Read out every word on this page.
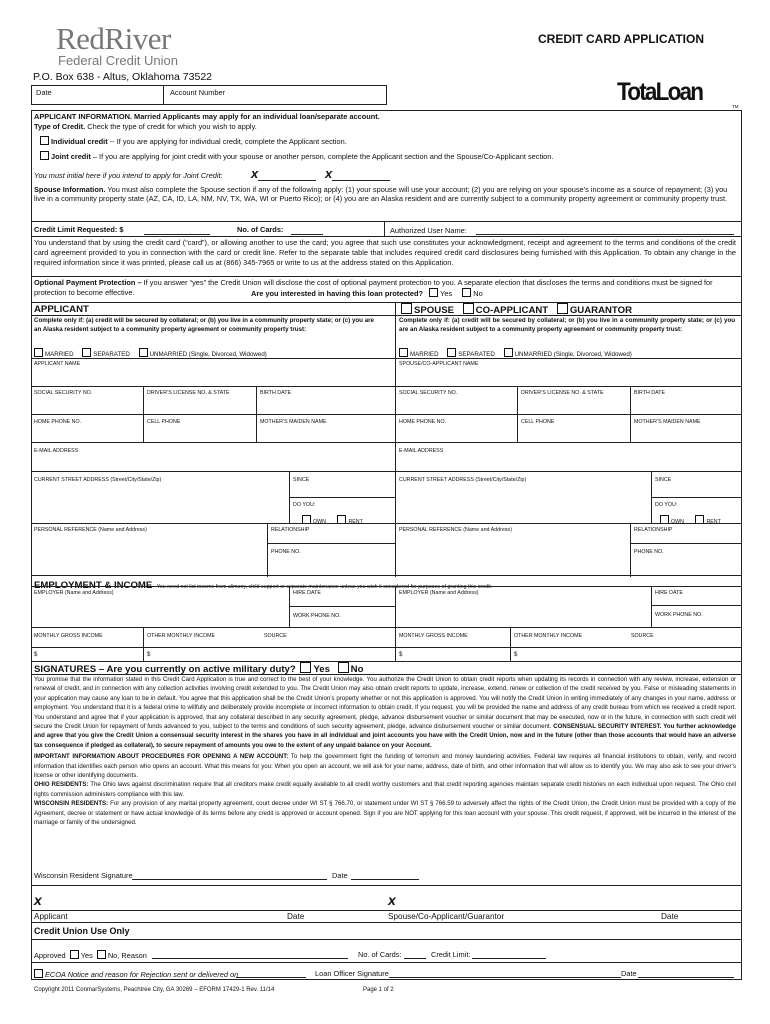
RedRiver
Federal Credit Union
P.O. Box 638 - Altus, Oklahoma 73522
CREDIT CARD APPLICATION
TotaLoan
TM
Date	Account Number
APPLICANT INFORMATION. Married Applicants may apply for an individual loan/separate account.
Type of Credit. Check the type of credit for which you wish to apply.
Individual credit -- If you are applying for individual credit, complete the Applicant section.
Joint credit – If you are applying for joint credit with your spouse or another person, complete the Applicant section and the Spouse/Co-Applicant section.
You must initial here if you intend to apply for Joint Credit: x	x
Spouse Information. You must also complete the Spouse section if any of the following apply: (1) your spouse will use your account; (2) you are relying on your spouse’s income as a source of repayment; (3) you live in a community property state (AZ, CA, ID, LA, NM, NV, TX, WA, WI or Puerto Rico); or (4) you are an Alaska resident and are currently subject to a community property agreement or community property trust.
Credit Limit Requested: $	No. of Cards:	Authorized User Name:
You understand that by using the credit card (“card”), or allowing another to use the card; you agree that such use constitutes your acknowledgment, receipt and agreement to the terms and conditions of the credit card agreement provided to you in connection with the card or credit line. Refer to the separate table that includes required credit card disclosures being furnished with this Application. To obtain any change in the required information since it was printed, please call us at (866) 345-7965 or write to us at the address stated on this Application.
Optional Payment Protection – If you answer “yes” the Credit Union will disclose the cost of optional payment protection to you. A separate election that discloses the terms and conditions must be signed for protection to become effective.	Are you interested in having this loan protected? Yes	No
APPLICANT	SPOUSE CO-APPLICANT GUARANTOR
Complete only if: (a) credit will be secured by collateral; or (b) you live in a community property state; or (c) you are an Alaska resident subject to a community property agreement or community property trust:
Complete only if: (a) credit will be secured by collateral; or (b) you live in a community property state; or (c) you are an Alaska resident subject to a community property agreement or community property trust:
MARRIED	SEPARATED	UNMARRIED (Single, Divorced, Widowed)	MARRIED	SEPARATED	UNMARRIED (Single, Divorced, Widowed)
APPLICANT NAME	SPOUSE/CO-APPLICANT NAME
SOCIAL SECURITY NO.	DRIVER’S LICENSE NO. & STATE	BIRTH DATE	SOCIAL SECURITY NO.	DRIVER’S LICENSE NO. & STATE	BIRTH DATE
HOME PHONE NO.	CELL PHONE	MOTHER’S MAIDEN NAME	HOME PHONE NO.	CELL PHONE	MOTHER’S MAIDEN NAME
E-MAIL ADDRESS	E-MAIL ADDRESS
CURRENT STREET ADDRESS (Street/City/State/Zip)	SINCE	CURRENT STREET ADDRESS (Street/City/State/Zip)	SINCE
DO YOU:
OWN	RENT
DO YOU:
OWN	RENT
PERSONAL REFERENCE (Name and Address)	RELATIONSHIP	PERSONAL REFERENCE (Name and Address)	RELATIONSHIP
PHONE NO.	PHONE NO.
EMPLOYMENT & INCOME You need not list income from alimony, child support or separate maintenance unless you wish it considered for purposes of granting this credit.
EMPLOYER (Name and Address)	HIRE DATE	EMPLOYER (Name and Address)	HIRE DATE
WORK PHONE NO.	WORK PHONE NO.
MONTHLY GROSS INCOME	OTHER MONTHLY INCOME	SOURCE	MONTHLY GROSS INCOME	OTHER MONTHLY INCOME	SOURCE
$	$	$	$
SIGNATURES – Are you currently on active military duty? Yes No

You promise that the information stated in this Credit Card Application is true and correct to the best of your knowledge. You authorize the Credit Union to obtain credit reports when updating its records in connection with any review, increase, extension or renewal of credit, and in connection with any collection activities involving credit extended to you. The Credit Union may also obtain credit reports to update, increase, extend, renew or collection of the credit received by you. False or misleading statements in your application may cause any loan to be in default. You agree that this application shall be the Credit Union’s property whether or not this application is approved. You will notify the Credit Union in writing immediately of any changes in your name, address or employment. You understand that it is a federal crime to willfully and deliberately provide incomplete or incorrect information to obtain credit. If you request, you will be provided the name and address of any credit bureau from which we received a credit report. You understand and agree that if your application is approved, that any collateral described in any security agreement, pledge, advance disbursement voucher or similar document that may be executed, now or in the future, in connection with such credit will secure the Credit Union for repayment of funds advanced to you, subject to the terms and conditions of such security agreement, pledge, advance disbursement voucher or similar document. CONSENSUAL SECURITY INTEREST. You further acknowledge and agree that you give the Credit Union a consensual security interest in the shares you have in all individual and joint accounts you have with the Credit Union, now and in the future (other than those accounts that would have an adverse tax consequence if pledged as collateral), to secure repayment of amounts you owe to the extent of any unpaid balance on your Account.

IMPORTANT INFORMATION ABOUT PROCEDURES FOR OPENING A NEW ACCOUNT: To help the government fight the funding of terrorism and money laundering activities, Federal law requires all financial institutions to obtain, verify, and record information that identifies each person who opens an account. What this means for you: When you open an account, we will ask for your name, address, date of birth, and other information that will allow us to identify you. We may also ask to see your driver’s license or other identifying documents.

OHIO RESIDENTS: The Ohio laws against discrimination require that all creditors make credit equally available to all credit worthy customers and that credit reporting agencies maintain separate credit histories on each individual upon request. The Ohio civil rights commission administers compliance with this law.

WISCONSIN RESIDENTS: For any provision of any marital property agreement, court decree under WI ST § 766.70, or statement under WI ST § 766.59 to adversely affect the rights of the Credit Union, the Credit Union must be provided with a copy of the Agreement, decree or statement or have actual knowledge of its terms before any credit is approved or account opened. Sign if you are NOT applying for this loan account with your spouse. This credit request, if approved, will be incurred in the interest of the marriage or family of the undersigned.

Wisconsin Resident Signature	Date
x	x
Applicant	Date	Spouse/Co-Applicant/Guarantor	Date
Credit Union Use Only
Approved Yes No, Reason	No. of Cards:	Credit Limit:
ECOA Notice and reason for Rejection sent or delivered on	Loan Officer Signature	Date
Copyright 2011 ConmarSystems, Peachtree City, GA 30269 – EFORM 17429-1 Rev. 11/14	Page 1 of 2
